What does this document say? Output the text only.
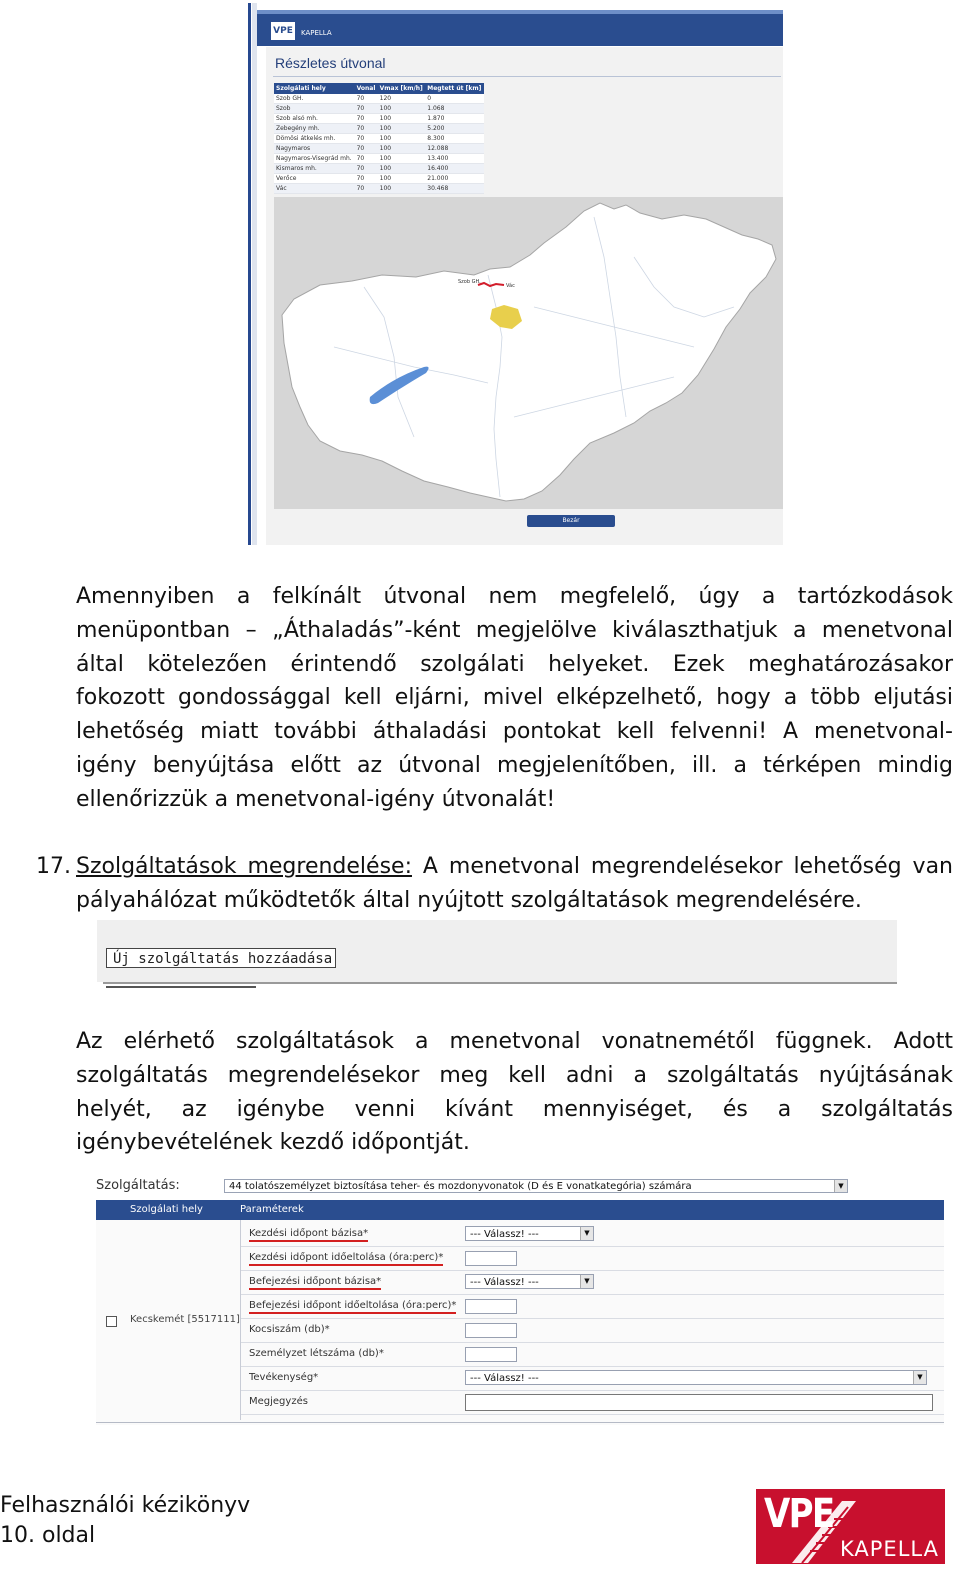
VPE	KAPELLA
Részletes útvonal
Szolgálati hely	Vonal	Vmax [km/h]	Megtett út [km]
Szob GH.	70	120	0
Szob	70	100	1.068
Szob alsó mh.	70	100	1.870
Zebegény mh.	70	100	5.200
Dömösi átkelés mh.	70	100	8.300
Nagymaros	70	100	12.088
Nagymaros-Visegrád mh.	70	100	13.400
Kismaros mh.	70	100	16.400
Verőce	70	100	21.000
Vác	70	100	30.468
Szob GH.
Vác
Bezár
Amennyiben a felkínált útvonal nem megfelelő, úgy a tartózkodások
menüpontban – „Áthaladás”-ként megjelölve kiválaszthatjuk a menetvonal
által kötelezően érintendő szolgálati helyeket. Ezek meghatározásakor
fokozott gondossággal kell eljárni, mivel elképzelhető, hogy a több eljutási
lehetőség miatt további áthaladási pontokat kell felvenni! A menetvonal-
igény benyújtása előtt az útvonal megjelenítőben, ill. a térképen mindig
ellenőrizzük a menetvonal-igény útvonalát!
17. Szolgáltatások megrendelése: A menetvonal megrendelésekor lehetőség van
pályahálózat működtetők által nyújtott szolgáltatások megrendelésére.
Új szolgáltatás hozzáadása
Az elérhető szolgáltatások a menetvonal vonatnemétől függnek. Adott
szolgáltatás megrendelésekor meg kell adni a szolgáltatás nyújtásának
helyét, az igénybe venni kívánt mennyiséget, és a szolgáltatás
igénybevételének kezdő időpontját.
Szolgáltatás:	44 tolatószemélyzet biztosítása teher- és mozdonyvonatok (D és E vonatkategória) számára	▼
Szolgálati hely	Paraméterek
Kecskemét [5517111]
Kezdési időpont bázisa*	--- Válassz! ---	▼
Kezdési időpont időeltolása (óra:perc)*
Befejezési időpont bázisa*	--- Válassz! ---	▼
Befejezési időpont időeltolása (óra:perc)*
Kocsiszám (db)*
Személyzet létszáma (db)*
Tevékenység*	--- Válassz! ---	▼
Megjegyzés
Felhasználói kézikönyv
10. oldal	VPE
KAPELLA
